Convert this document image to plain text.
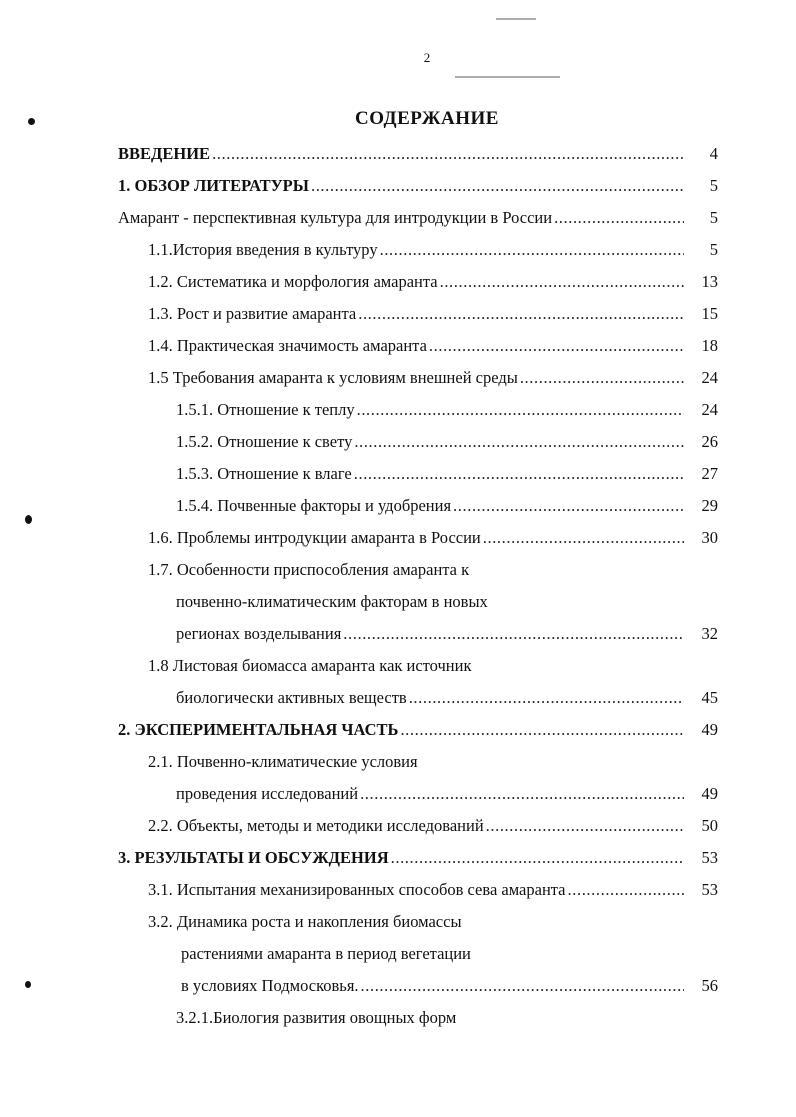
2
СОДЕРЖАНИЕ
ВВЕДЕНИЕ .....	4
1. ОБЗОР ЛИТЕРАТУРЫ .....	5
Амарант - перспективная культура для интродукции в России .....	5
1.1.История введения в культуру .....	5
1.2. Систематика и морфология амаранта .....	13
1.3. Рост и развитие амаранта .....	15
1.4. Практическая значимость амаранта .....	18
1.5 Требования амаранта к условиям внешней среды .....	24
1.5.1. Отношение к теплу .....	24
1.5.2. Отношение к свету .....	26
1.5.3. Отношение к влаге .....	27
1.5.4. Почвенные факторы и удобрения .....	29
1.6. Проблемы интродукции амаранта в России .....	30
1.7. Особенности приспособления амаранта к
почвенно-климатическим факторам в новых
регионах возделывания .....	32
1.8 Листовая биомасса амаранта как источник
биологически активных веществ .....	45
2. ЭКСПЕРИМЕНТАЛЬНАЯ ЧАСТЬ .....	49
2.1. Почвенно-климатические условия
проведения исследований .....	49
2.2. Объекты, методы и методики исследований .....	50
3. РЕЗУЛЬТАТЫ И ОБСУЖДЕНИЯ .....	53
3.1. Испытания механизированных способов сева амаранта .....	53
3.2. Динамика роста и накопления биомассы
растениями амаранта в период вегетации
в условиях Подмосковья. .....	56
3.2.1.Биология развития овощных форм
